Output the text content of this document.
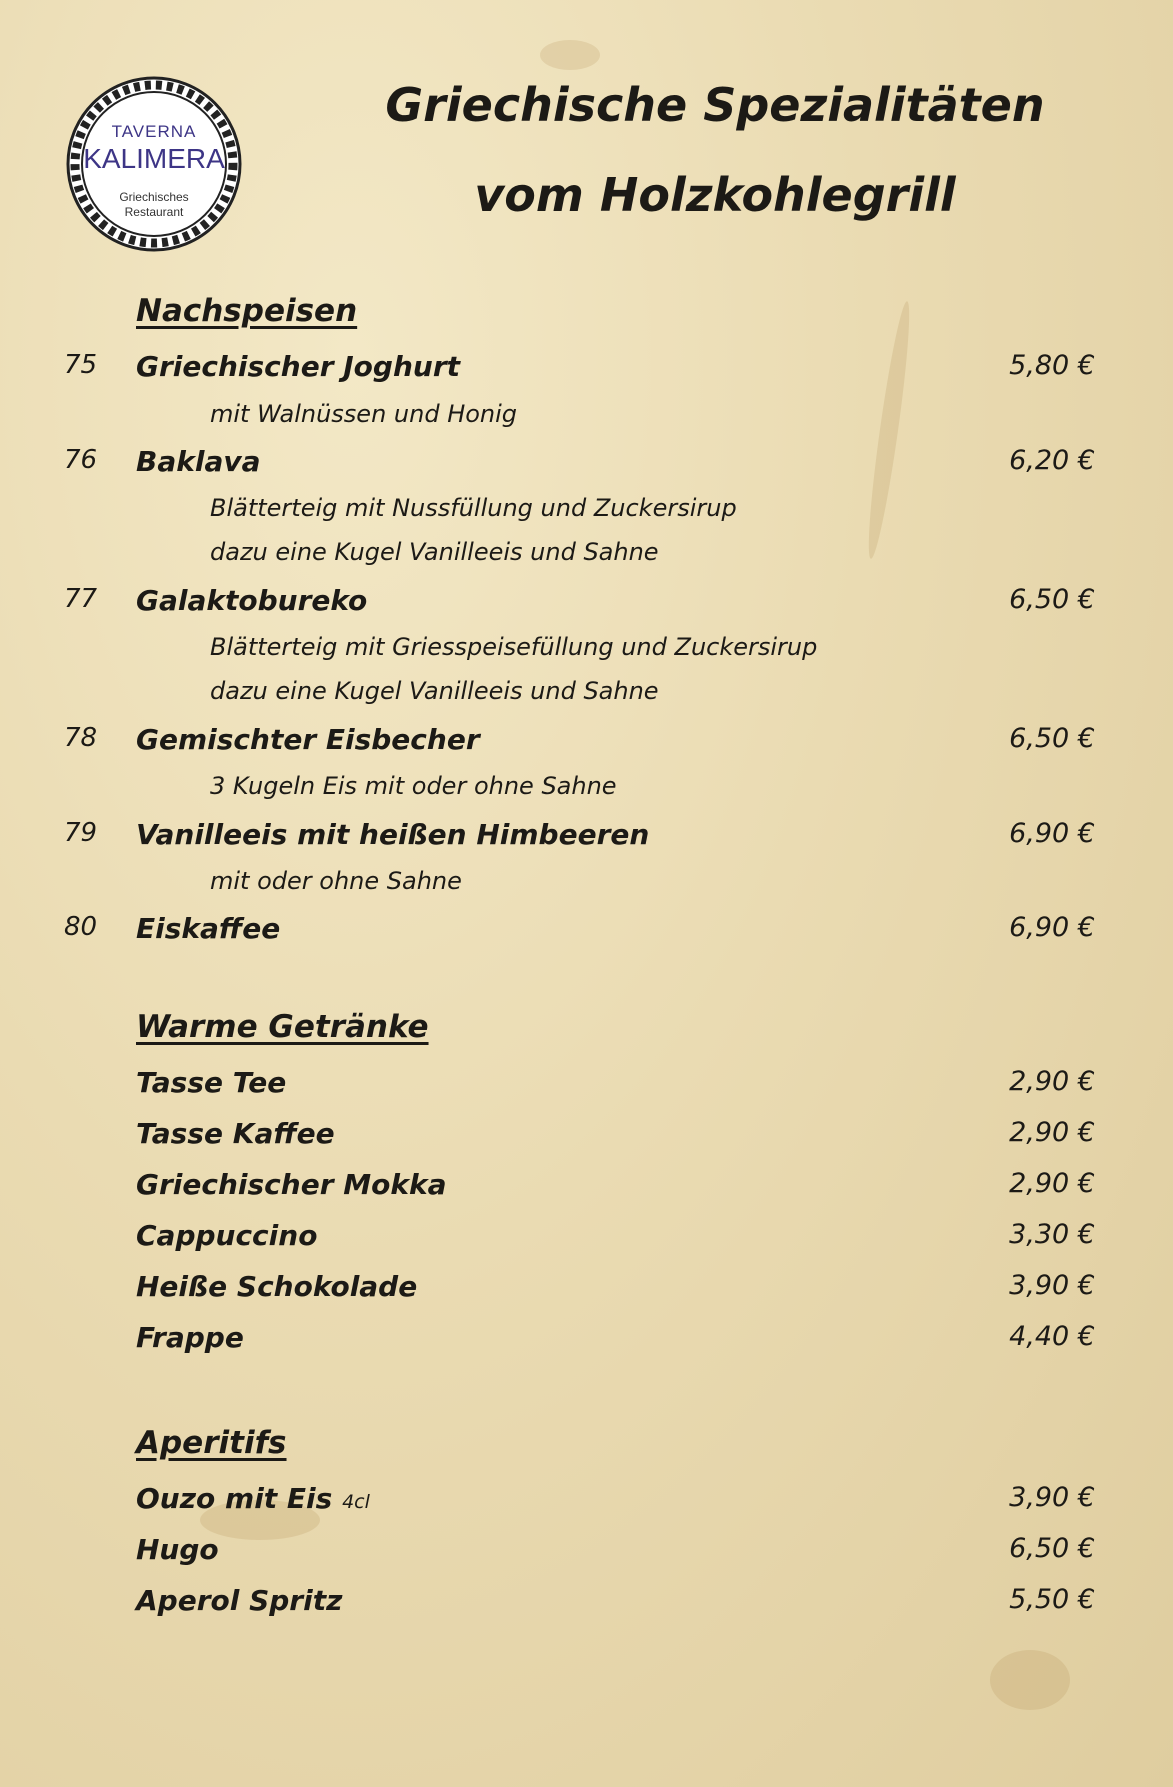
TAVERNA
KALIMERA
Griechisches
Restaurant
Griechische Spezialitäten
vom Holzkohlegrill
Nachspeisen
75 Griechischer Joghurt	5,80 €
mit Walnüssen und Honig
76 Baklava	6,20 €
Blätterteig mit Nussfüllung und Zuckersirup
dazu eine Kugel Vanilleeis und Sahne
77 Galaktobureko	6,50 €
Blätterteig mit Griesspeisefüllung und Zuckersirup
dazu eine Kugel Vanilleeis und Sahne
78 Gemischter Eisbecher	6,50 €
3 Kugeln Eis mit oder ohne Sahne
79 Vanilleeis mit heißen Himbeeren	6,90 €
mit oder ohne Sahne
80 Eiskaffee	6,90 €
Warme Getränke
Tasse Tee	2,90 €
Tasse Kaffee	2,90 €
Griechischer Mokka	2,90 €
Cappuccino	3,30 €
Heiße Schokolade	3,90 €
Frappe	4,40 €
Aperitifs
Ouzo mit Eis 4cl	3,90 €
Hugo	6,50 €
Aperol Spritz	5,50 €
